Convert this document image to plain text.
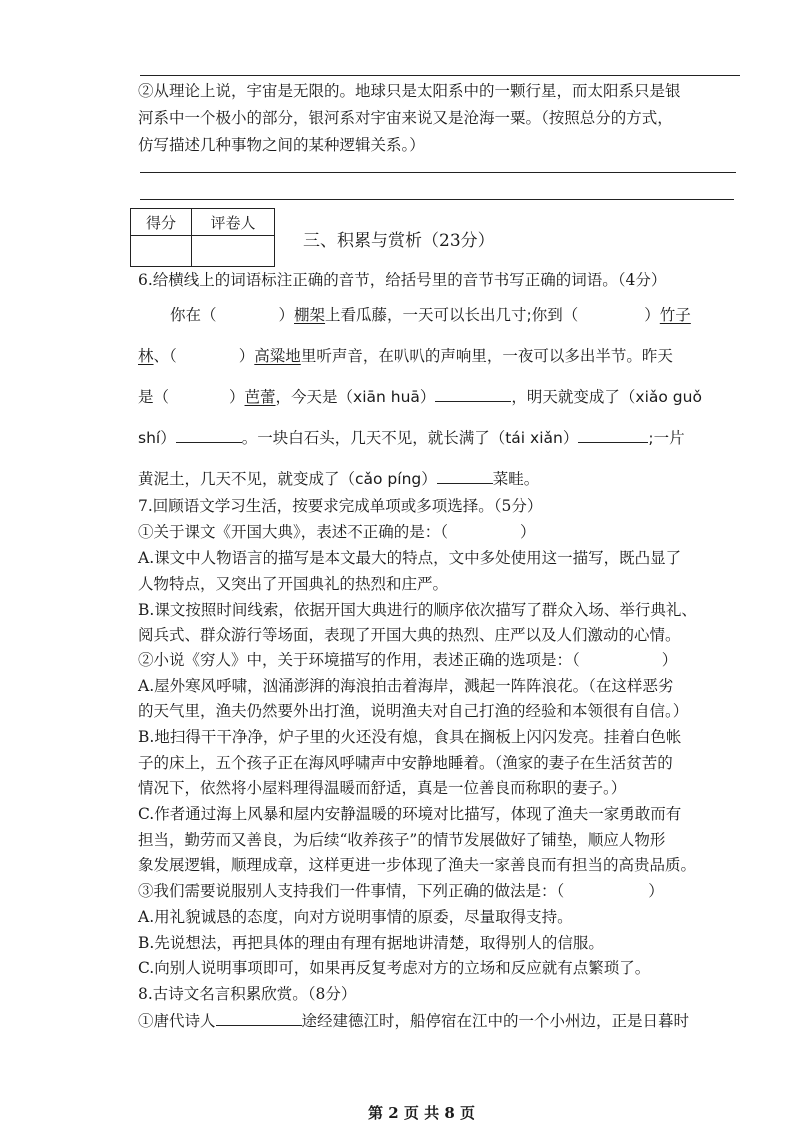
②从理论上说，宇宙是无限的。地球只是太阳系中的一颗行星，而太阳系只是银
河系中一个极小的部分，银河系对宇宙来说又是沧海一粟。（按照总分的方式，
仿写描述几种事物之间的某种逻辑关系。）
得分	评卷人

三、积累与赏析（23分）
6.给横线上的词语标注正确的音节，给括号里的音节书写正确的词语。（4分）
你在（	）棚架上看瓜藤，一天可以长出几寸;你到（	）竹子
林、（	）高粱地里听声音，在叭叭的声响里，一夜可以多出半节。昨天
是（	）芭蕾，今天是（xiān huā）	，明天就变成了（xiǎo guǒ
shí）	。一块白石头，几天不见，就长满了（tái xiǎn）	;一片
黄泥土，几天不见，就变成了（cǎo píng）	菜畦。
7.回顾语文学习生活，按要求完成单项或多项选择。（5分）
①关于课文《开国大典》，表述不正确的是：（	）
A.课文中人物语言的描写是本文最大的特点，文中多处使用这一描写，既凸显了
人物特点，又突出了开国典礼的热烈和庄严。
B.课文按照时间线索，依据开国大典进行的顺序依次描写了群众入场、举行典礼、
阅兵式、群众游行等场面，表现了开国大典的热烈、庄严以及人们激动的心情。
②小说《穷人》中，关于环境描写的作用，表述正确的选项是：（	）
A.屋外寒风呼啸，汹涌澎湃的海浪拍击着海岸，溅起一阵阵浪花。（在这样恶劣
的天气里，渔夫仍然要外出打渔，说明渔夫对自己打渔的经验和本领很有自信。）
B.地扫得干干净净，炉子里的火还没有熄，食具在搁板上闪闪发亮。挂着白色帐
子的床上，五个孩子正在海风呼啸声中安静地睡着。（渔家的妻子在生活贫苦的
情况下，依然将小屋料理得温暖而舒适，真是一位善良而称职的妻子。）
C.作者通过海上风暴和屋内安静温暖的环境对比描写，体现了渔夫一家勇敢而有
担当，勤劳而又善良，为后续“收养孩子”的情节发展做好了铺垫，顺应人物形
象发展逻辑，顺理成章，这样更进一步体现了渔夫一家善良而有担当的高贵品质。
③我们需要说服别人支持我们一件事情，下列正确的做法是：（	）
A.用礼貌诚恳的态度，向对方说明事情的原委，尽量取得支持。
B.先说想法，再把具体的理由有理有据地讲清楚，取得别人的信服。
C.向别人说明事项即可，如果再反复考虑对方的立场和反应就有点繁琐了。
8.古诗文名言积累欣赏。（8分）
①唐代诗人	途经建德江时，船停宿在江中的一个小州边，正是日暮时
第 2 页 共 8 页
